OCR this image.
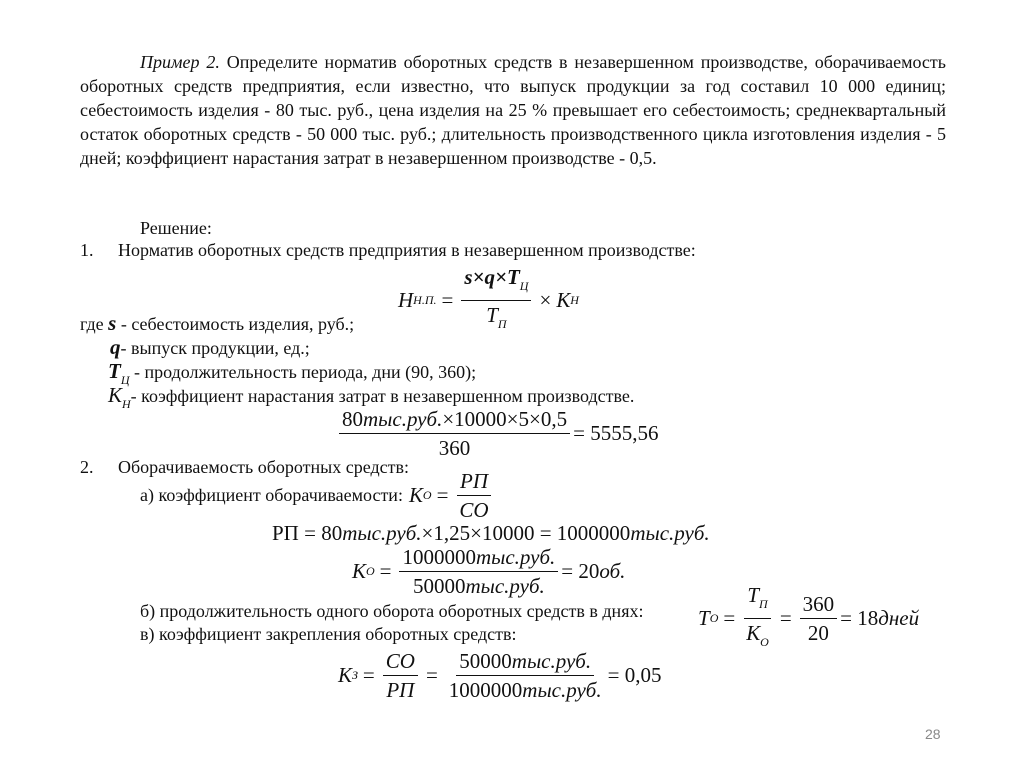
Пример 2. Определите норматив оборотных средств в незавершенном производстве, оборачиваемость оборотных средств предприятия, если известно, что выпуск продукции за год составил 10 000 единиц; себестоимость изделия - 80 тыс. руб., цена изделия на 25 % превышает его себестоимость; среднеквартальный остаток оборотных средств - 50 000 тыс. руб.; длительность производственного цикла изготовления изделия - 5 дней; коэффициент нарастания затрат в незавершенном производстве - 0,5.
Решение:
1. Норматив оборотных средств предприятия в незавершенном производстве:
Н Н.П. = $\frac{s\times q\times T_Ц}{T_П} \times К$ Н
где s - себестоимость изделия, руб.;
q- выпуск продукции, ед.;
$T_Ц$ - продолжительность периода, дни (90, 360);
$К_Н-$ коэффициент нарастания затрат в незавершенном производстве.
$\frac{\text{80тыс.руб.×10000×5×0,5}}{360} = 5555,56$
2. Оборачиваемость оборотных средств:
а) коэффициент оборачиваемости: К $О = \frac{РП}{СО}$
РП = 80тыс.руб.×1,25×10000 = 1000000тыс.руб.
К $О = \frac{\text{1000000тыс.руб.}}{\text{50000тыс.руб.}} = 20$ об.
б) продолжительность одного оборота оборотных средств в днях:	Т $О = \frac{Т_П}{К_О} = \frac{360}{20} = 18$ дней
в) коэффициент закрепления оборотных средств:
К $З = \frac{СО}{РП} = \frac{\text{50000тыс.руб.}}{\text{1000000тыс.руб.}} = 0,05$
28
